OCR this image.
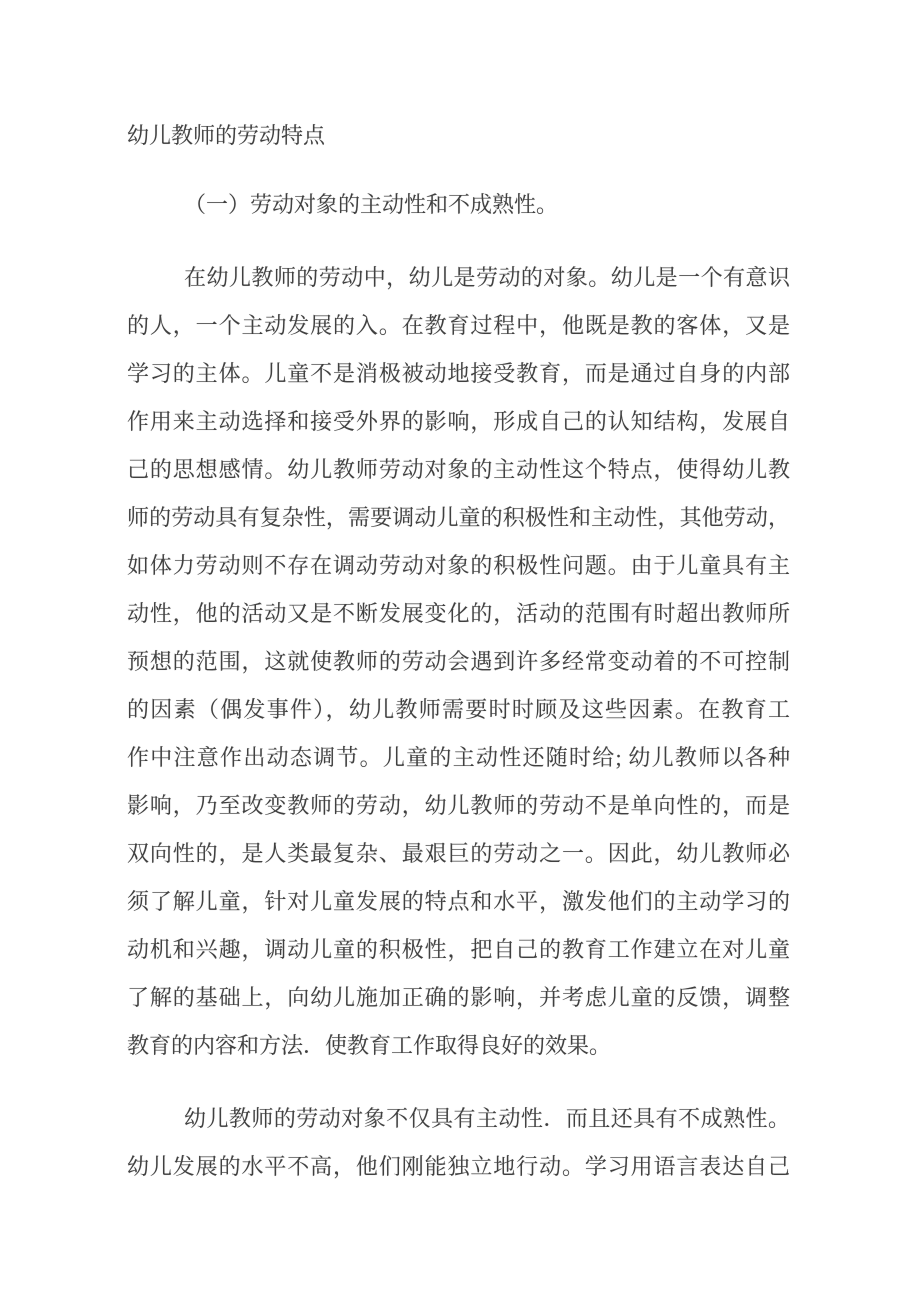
幼儿教师的劳动特点
（一）劳动对象的主动性和不成熟性。
在幼儿教师的劳动中，幼儿是劳动的对象。幼儿是一个有意识
的人，一个主动发展的入。在教育过程中，他既是教的客体，又是
学习的主体。儿童不是消极被动地接受教育，而是通过自身的内部
作用来主动选择和接受外界的影响，形成自己的认知结构，发展自
己的思想感情。幼儿教师劳动对象的主动性这个特点，使得幼儿教
师的劳动具有复杂性，需要调动儿童的积极性和主动性，其他劳动，
如体力劳动则不存在调动劳动对象的积极性问题。由于儿童具有主
动性，他的活动又是不断发展变化的，活动的范围有时超出教师所
预想的范围，这就使教师的劳动会遇到许多经常变动着的不可控制
的因素（偶发事件），幼儿教师需要时时顾及这些因素。在教育工
作中注意作出动态调节。儿童的主动性还随时给; 幼儿教师以各种
影响，乃至改变教师的劳动，幼儿教师的劳动不是单向性的，而是
双向性的，是人类最复杂、最艰巨的劳动之一。因此，幼儿教师必
须了解儿童，针对儿童发展的特点和水平，激发他们的主动学习的
动机和兴趣，调动儿童的积极性，把自己的教育工作建立在对儿童
了解的基础上，向幼儿施加正确的影响，并考虑儿童的反馈，调整
教育的内容和方法．使教育工作取得良好的效果。
幼儿教师的劳动对象不仅具有主动性．而且还具有不成熟性。
幼儿发展的水平不高，他们刚能独立地行动。学习用语言表达自己
